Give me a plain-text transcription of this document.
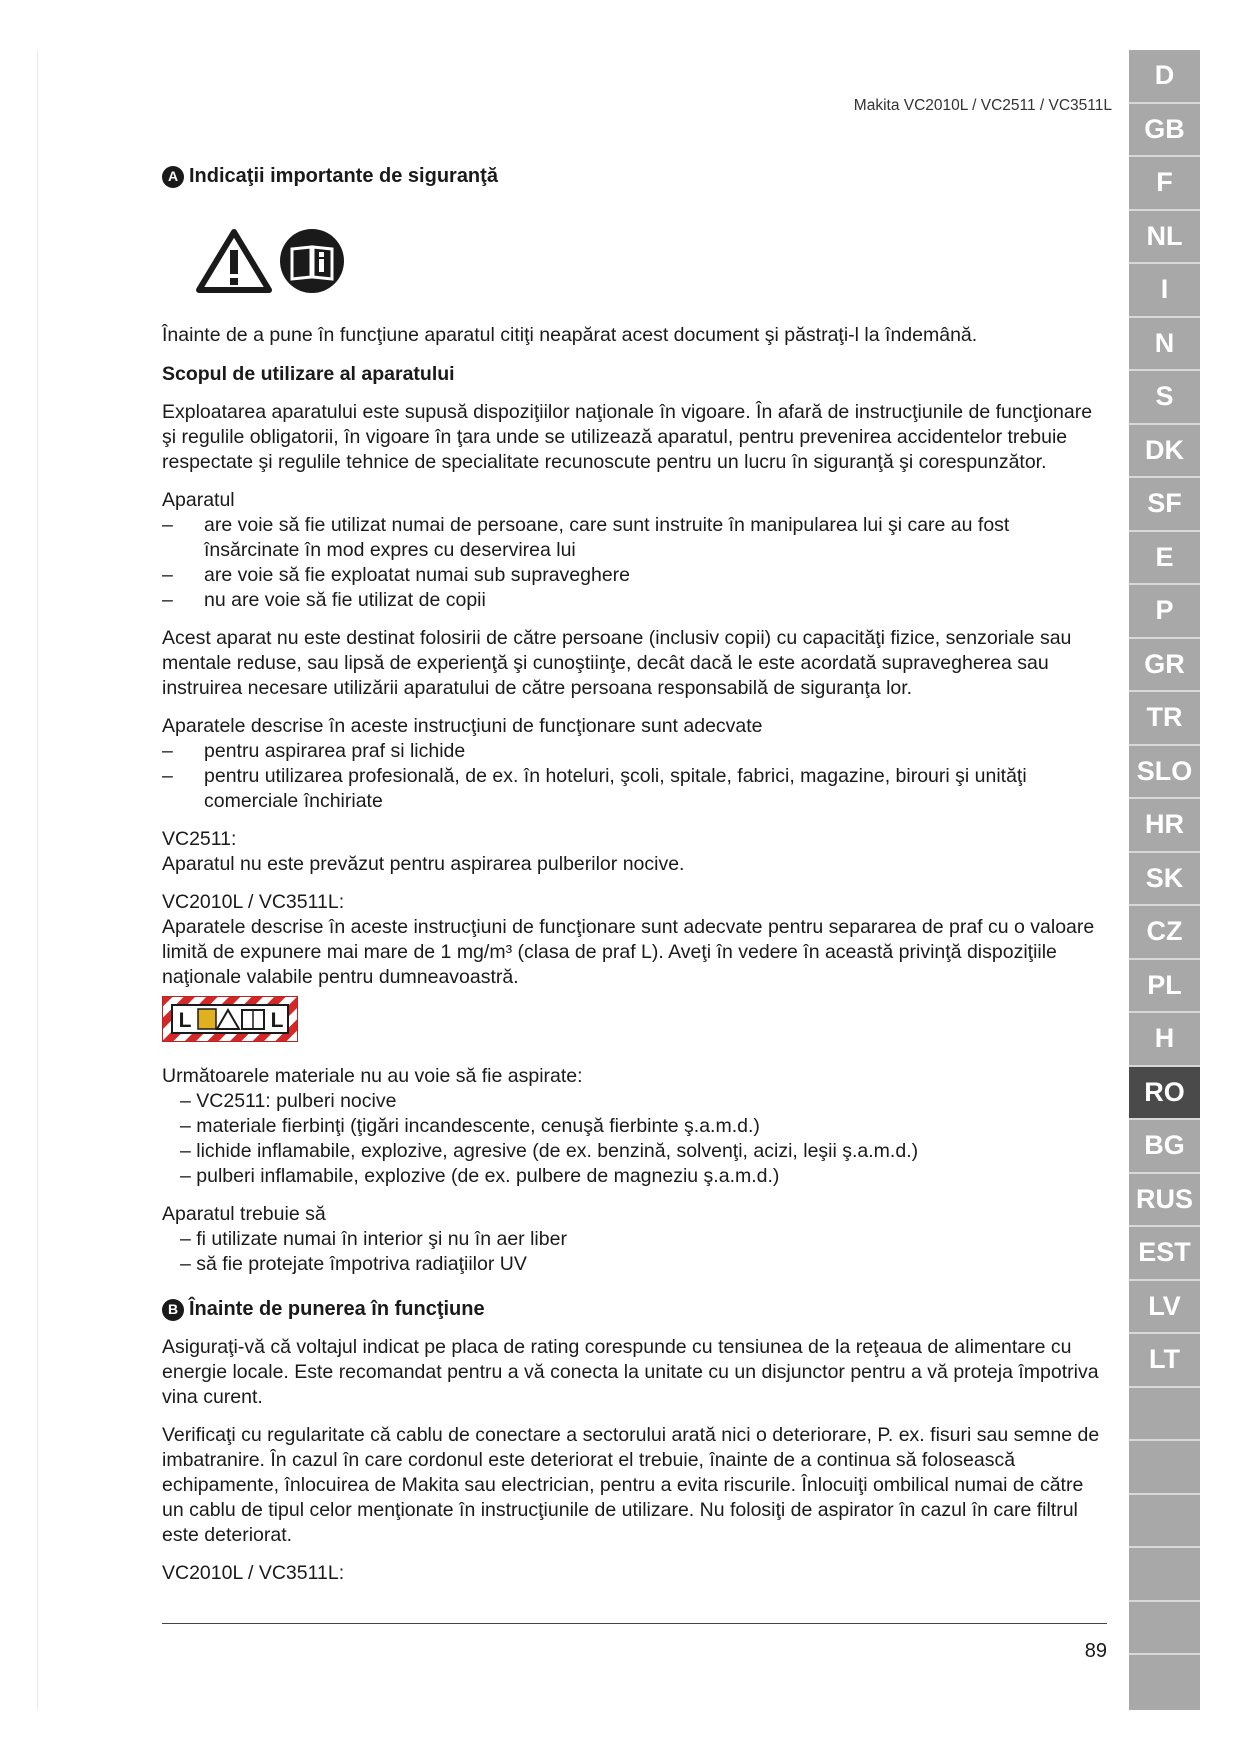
Makita VC2010L / VC2511 / VC3511L
A Indicaţii importante de siguranţă

Înainte de a pune în funcţiune aparatul citiţi neapărat acest document şi păstraţi-l la îndemână.

Scopul de utilizare al aparatului

Exploatarea aparatului este supusă dispoziţiilor naţionale în vigoare. În afară de instrucţiunile de funcţionare şi regulile obligatorii, în vigoare în ţara unde se utilizează aparatul, pentru prevenirea accidentelor trebuie respectate şi regulile tehnice de specialitate recunoscute pentru un lucru în siguranţă şi corespunzător.

Aparatul

– are voie să fie utilizat numai de persoane, care sunt instruite în manipularea lui şi care au fost însărcinate în mod expres cu deservirea lui
– are voie să fie exploatat numai sub supraveghere
– nu are voie să fie utilizat de copii

Acest aparat nu este destinat folosirii de către persoane (inclusiv copii) cu capacităţi fizice, senzoriale sau mentale reduse, sau lipsă de experienţă şi cunoştiinţe, decât dacă le este acordată supravegherea sau instruirea necesare utilizării aparatului de către persoana responsabilă de siguranţa lor.

Aparatele descrise în aceste instrucţiuni de funcţionare sunt adecvate

– pentru aspirarea praf si lichide
– pentru utilizarea profesională, de ex. în hoteluri, şcoli, spitale, fabrici, magazine, birouri şi unităţi comerciale închiriate

VC2511:

Aparatul nu este prevăzut pentru aspirarea pulberilor nocive.

VC2010L / VC3511L:

Aparatele descrise în aceste instrucţiuni de funcţionare sunt adecvate pentru separarea de praf cu o valoare limită de expunere mai mare de 1 mg/m³ (clasa de praf L). Aveţi în vedere în această privinţă dispoziţiile naţionale valabile pentru dumneavoastră.

L	L

Următoarele materiale nu au voie să fie aspirate:

– VC2511: pulberi nocive
– materiale fierbinţi (ţigări incandescente, cenuşă fierbinte ş.a.m.d.)
– lichide inflamabile, explozive, agresive (de ex. benzină, solvenţi, acizi, leşii ş.a.m.d.)
– pulberi inflamabile, explozive (de ex. pulbere de magneziu ş.a.m.d.)

Aparatul trebuie să

– fi utilizate numai în interior şi nu în aer liber
– să fie protejate împotriva radiaţiilor UV
B Înainte de punerea în funcţiune

Asiguraţi-vă că voltajul indicat pe placa de rating corespunde cu tensiunea de la reţeaua de alimentare cu energie locale. Este recomandat pentru a vă conecta la unitate cu un disjunctor pentru a vă proteja împotriva vina curent.

Verificaţi cu regularitate că cablu de conectare a sectorului arată nici o deteriorare, P. ex. fisuri sau semne de imbatranire. În cazul în care cordonul este deteriorat el trebuie, înainte de a continua să folosească echipamente, înlocuirea de Makita sau electrician, pentru a evita riscurile. Înlocuiţi ombilical numai de către un cablu de tipul celor menţionate în instrucţiunile de utilizare. Nu folosiţi de aspirator în cazul în care filtrul este deteriorat.

VC2010L / VC3511L:

89
D
GB
F
NL
I
N
S
DK
SF
E
P
GR
TR
SLO
HR
SK
CZ
PL
H
RO
BG
RUS
EST
LV
LT
